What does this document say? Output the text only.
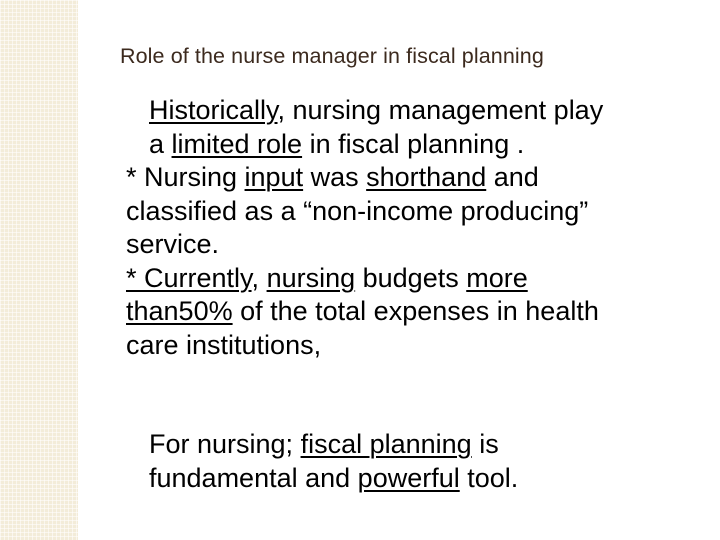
Role of the nurse manager in fiscal planning
Historically, nursing management play
a limited role in fiscal planning .
* Nursing input was shorthand and
classified as a “non-income producing”
service.
* Currently, nursing budgets more
than50% of the total expenses in health
care institutions,
For nursing; fiscal planning is
fundamental and powerful tool.
